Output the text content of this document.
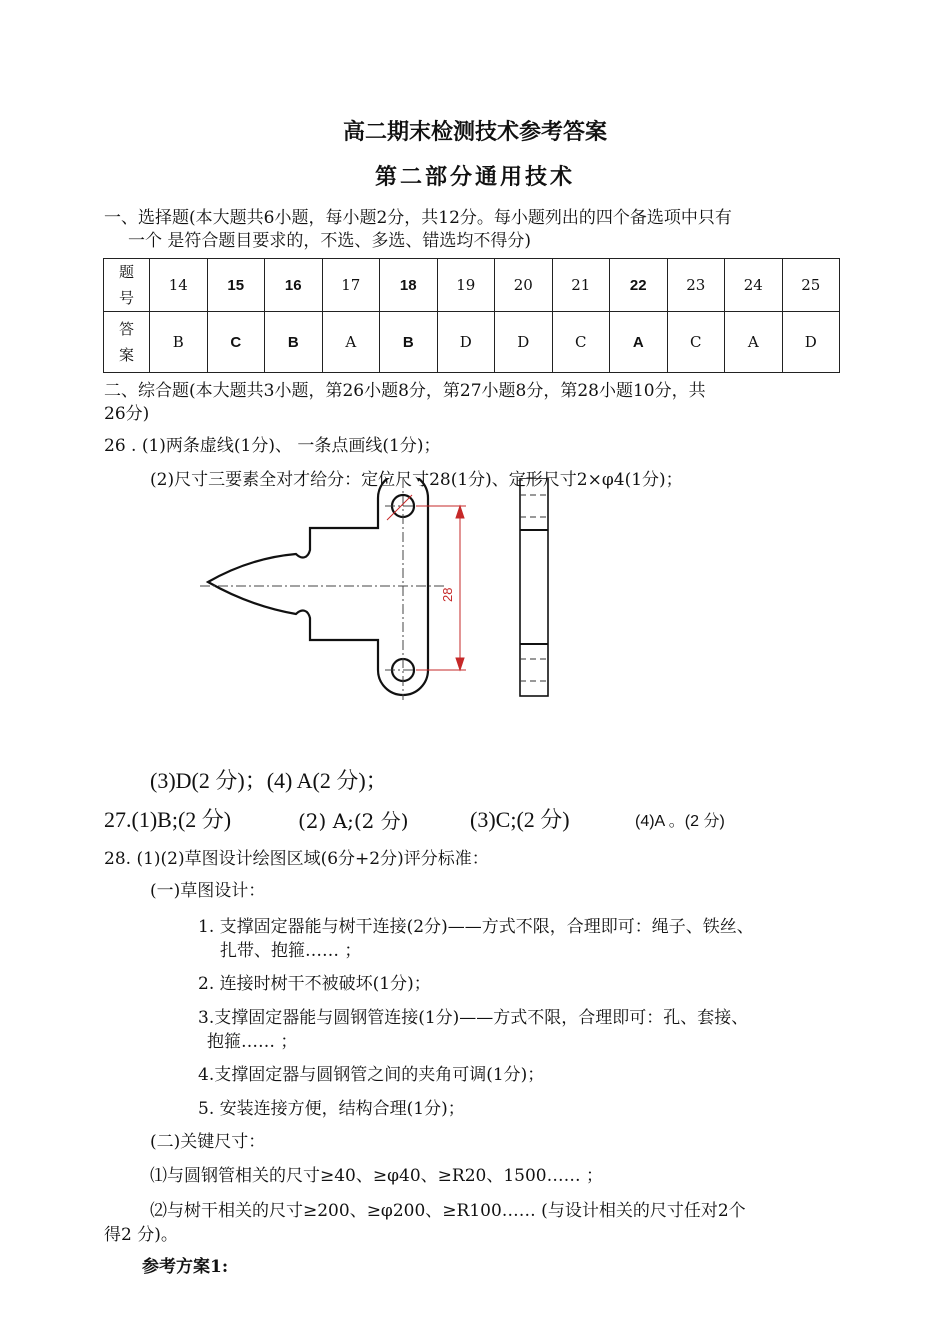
高二期末检测技术参考答案
第二部分通用技术
一、选择题(本大题共6小题，每小题2分，共12分。每小题列出的四个备选项中只有
一个 是符合题目要求的，不选、多选、错选均不得分)
题
号	14	15	16	17	18	19	20	21	22	23	24	25

答
案	B	C	B	A	B	D	D	C	A	C	A	D
二、综合题(本大题共3小题，第26小题8分，第27小题8分，第28小题10分，共
26分)
26 . (1)两条虚线(1分)、 一条点画线(1分)；
(2)尺寸三要素全对才给分：定位尺寸28(1分)、定形尺寸2×φ4(1分)；
28
(3)D(2 分)；(4) A(2 分)；
27.(1)B;(2 分)	(2) A;(2 分)	(3)C;(2 分)	(4)A 。(2 分)
28. (1)(2)草图设计绘图区域(6分+2分)评分标准：
(一)草图设计：
1. 支撑固定器能与树干连接(2分)——方式不限，合理即可：绳子、铁丝、
扎带、抱箍…… ；
2. 连接时树干不被破坏(1分)；
3.支撑固定器能与圆钢管连接(1分)——方式不限，合理即可：孔、套接、
抱箍…… ；
4.支撑固定器与圆钢管之间的夹角可调(1分)；
5. 安装连接方便，结构合理(1分)；
(二)关键尺寸：
⑴与圆钢管相关的尺寸≥40、≥φ40、≥R20、1500…… ；
⑵与树干相关的尺寸≥200、≥φ200、≥R100…… (与设计相关的尺寸任对2个
得2 分)。
参考方案1:
